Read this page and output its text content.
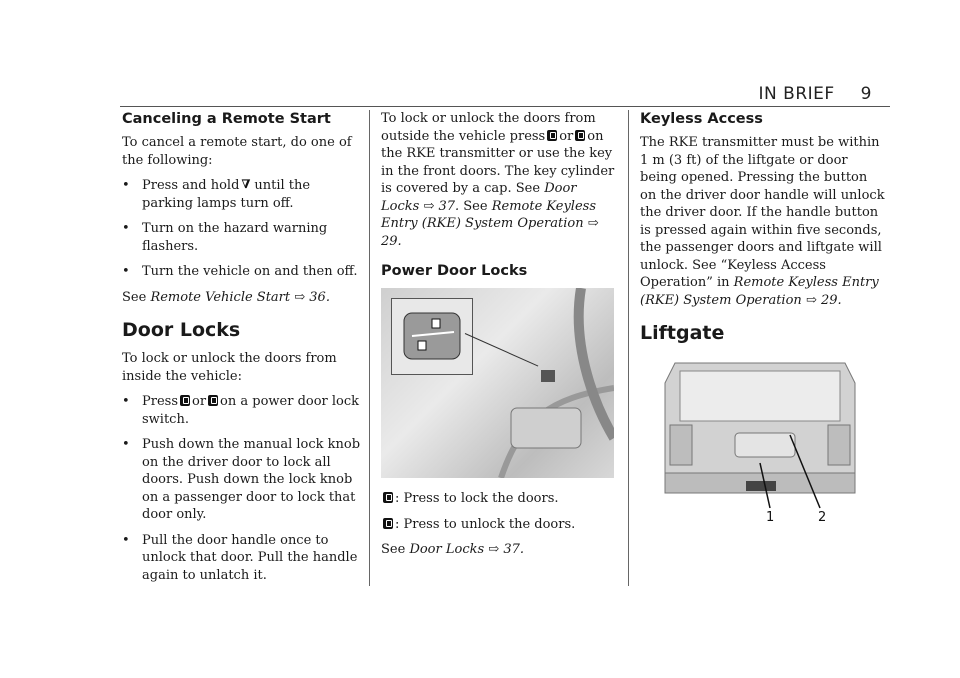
IN BRIEF 9
Canceling a Remote Start

To cancel a remote start, do one of the following:

• Press and hold∇ until the parking lamps turn off.
• Turn on the hazard warning flashers.
• Turn the vehicle on and then off.

See Remote Vehicle Start ⇨ 36.

Door Locks

To lock or unlock the doors from inside the vehicle:

• Press or on a power door lock switch.
• Push down the manual lock knob on the driver door to lock all doors. Push down the lock knob on a passenger door to lock that door only.
• Pull the door handle once to unlock that door. Pull the handle again to unlatch it.

To lock or unlock the doors from outside the vehicle press or on the RKE transmitter or use the key in the front doors. The key cylinder is covered by a cap. See Door Locks ⇨ 37. See Remote Keyless Entry (RKE) System Operation ⇨ 29.

Power Door Locks

: Press to lock the doors.

: Press to unlock the doors.

See Door Locks ⇨ 37.

Keyless Access

The RKE transmitter must be within 1 m (3 ft) of the liftgate or door being opened. Pressing the button on the driver door handle will unlock the driver door. If the handle button is pressed again within five seconds, the passenger doors and liftgate will unlock. See “Keyless Access Operation” in Remote Keyless Entry (RKE) System Operation ⇨ 29.

Liftgate
1	2
